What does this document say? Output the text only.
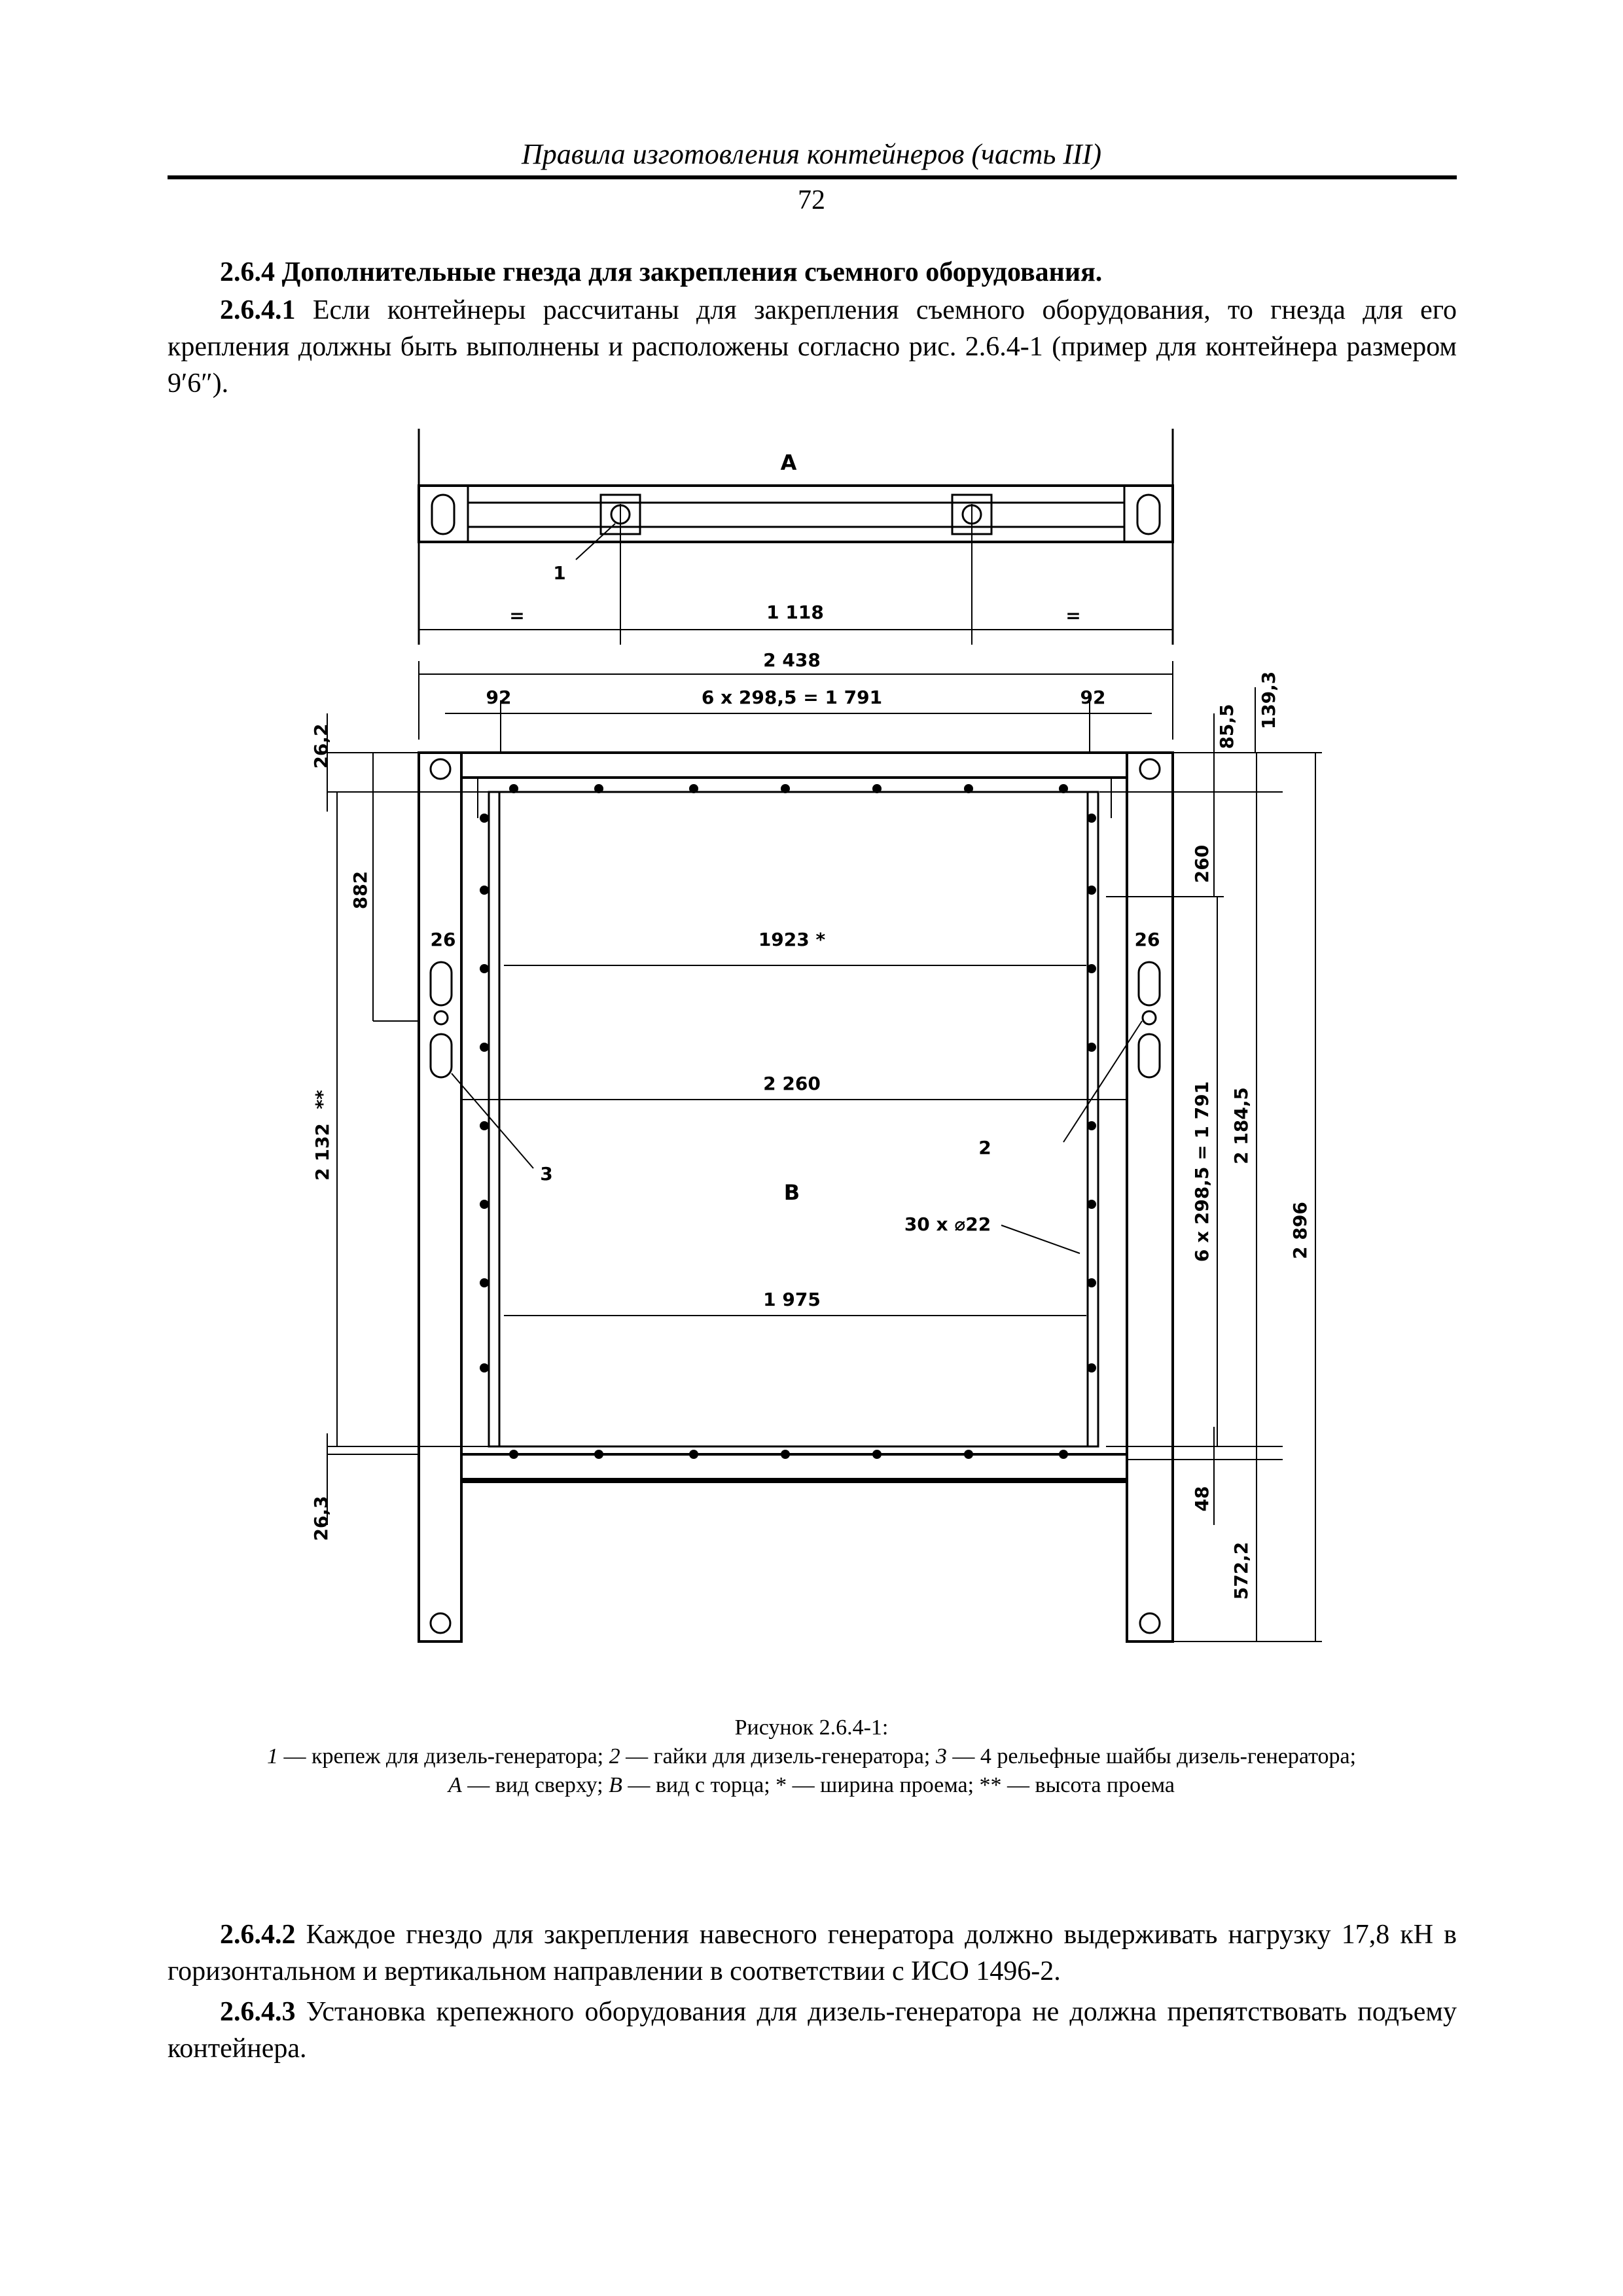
Правила изготовления контейнеров (часть III)
72
2.6.4 Дополнительные гнезда для закрепления съемного оборудования.
2.6.4.1 Если контейнеры рассчитаны для закрепления съемного оборудования, то гнезда для его крепления должны быть выполнены и расположены согласно рис. 2.6.4-1 (пример для контейнера размером 9′6″).
A
1
=	1 118	=
2 438
92	6 x 298,5 = 1 791	92	139,3
85,5
26,2
882
26	1923 *	26
2 260
2 132
**
260
6 x 298,5 = 1 791 2 184,5
2 896
2
3
B
30 x ⌀22
1 975
48
572,2
26,3
Рисунок 2.6.4-1:
1 — крепеж для дизель-генератора; 2 — гайки для дизель-генератора; 3 — 4 рельефные шайбы дизель-генератора;
A — вид сверху; B — вид с торца; * — ширина проема; ** — высота проема
2.6.4.2 Каждое гнездо для закрепления навесного генератора должно выдерживать нагрузку 17,8 кН в горизонтальном и вертикальном направлении в соответствии с ИСО 1496-2.
2.6.4.3 Установка крепежного оборудования для дизель-генератора не должна препятствовать подъему контейнера.
